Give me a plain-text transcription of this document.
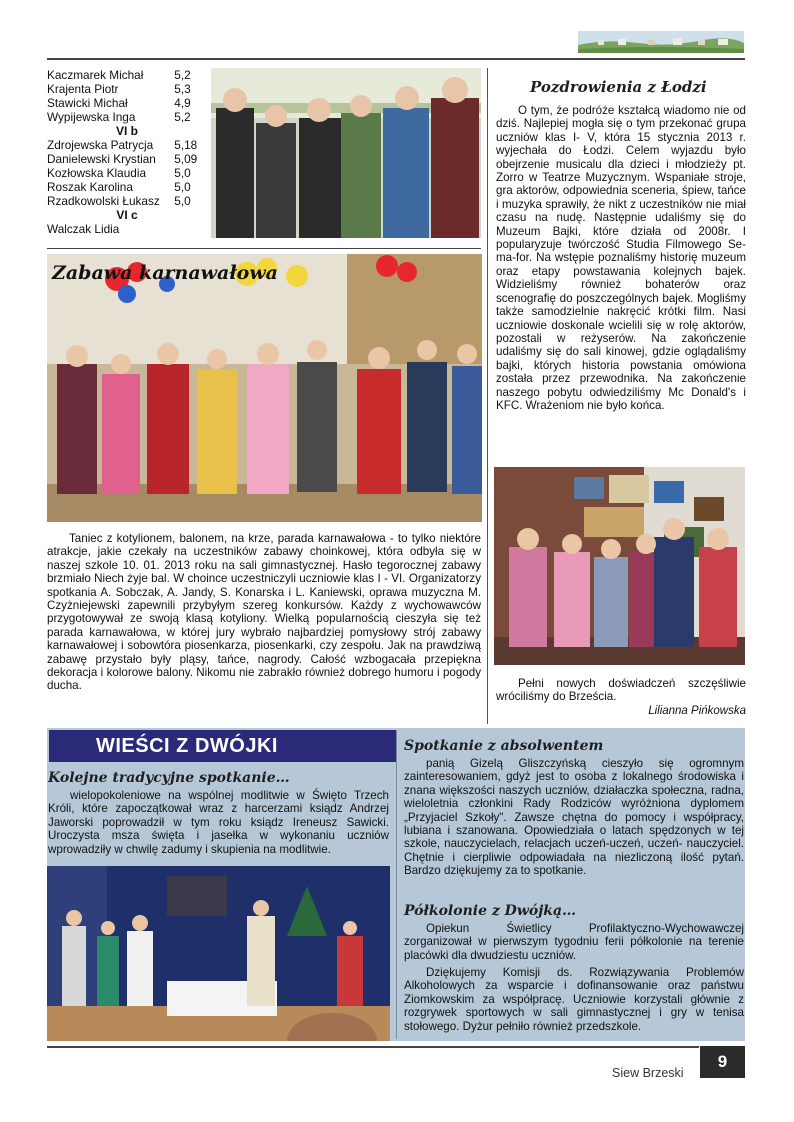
Kaczmarek Michał	5,2
Krajenta Piotr	5,3
Stawicki Michał	4,9
Wypijewska Inga	5,2
VI b
Zdrojewska Patrycja	5,18
Danielewski Krystian	5,09
Kozłowska Klaudia	5,0
Roszak Karolina	5,0
Rzadkowolski Łukasz	5,0
VI c
Walczak Lidia
Zabawa karnawałowa

Taniec z kotylionem, balonem, na krze, parada karnawałowa - to tylko niektóre atrakcje, jakie czekały na uczestników zabawy choinkowej, która odbyła się w naszej szkole 10. 01. 2013 roku na sali gimnastycznej. Hasło tegorocznej zabawy brzmiało Niech żyje bal. W choince uczestniczyli uczniowie klas I - VI. Organizatorzy spotkania A. Sobczak, A. Jandy, S. Konarska i L. Kaniewski, oprawa muzyczna M. Czyżniejewski zapewnili przybyłym szereg konkursów. Każdy z wychowawców przygotowywał ze swoją klasą kotyliony. Wielką popularnością cieszyła się też parada karnawałowa, w której jury wybrało najbardziej pomysłowy strój zabawy karnawałowej i sobowtóra piosenkarza, piosenkarki, czy zespołu. Jak na prawdziwą zabawę przystało były pląsy, tańce, nagrody. Całość wzbogacała przepiękna dekoracja i kolorowe balony. Nikomu nie zabrakło również dobrego humoru i pogody ducha.

Pozdrowienia z Łodzi

O tym, że podróże kształcą wiadomo nie od dziś. Najlepiej mogła się o tym przekonać grupa uczniów klas I- V, która 15 stycznia 2013 r. wyjechała do Łodzi. Celem wyjazdu było obejrzenie musicalu dla dzieci i młodzieży pt. Zorro w Teatrze Muzycznym. Wspaniałe stroje, gra aktorów, odpowiednia sceneria, śpiew, tańce i muzyka sprawiły, że nikt z uczestników nie miał czasu na nudę. Następnie udaliśmy się do Muzeum Bajki, które działa od 2008r. I popularyzuje twórczość Studia Filmowego Se-ma-for. Na wstępie poznaliśmy historię muzeum oraz etapy powstawania kolejnych bajek. Widzieliśmy również bohaterów oraz scenografię do poszczególnych bajek. Mogliśmy także samodzielnie nakręcić krótki film. Nasi uczniowie doskonale wcielili się w rolę aktorów, pozostali w reżyserów. Na zakończenie udaliśmy się do sali kinowej, gdzie oglądaliśmy bajki, których historia powstania omówiona została przez przewodnika. Na zakończenie naszego pobytu odwiedziliśmy Mc Donald's i KFC. Wrażeniom nie było końca.

Pełni nowych doświadczeń szczęśliwie wróciliśmy do Brześcia.

Lilianna Pińkowska
WIEŚCI Z DWÓJKI
Kolejne tradycyjne spotkanie…

wielopokoleniowe na wspólnej modlitwie w Święto Trzech Króli, które zapoczątkował wraz z harcerzami ksiądz Andrzej Jaworski poprowadził w tym roku ksiądz Ireneusz Sawicki. Uroczysta msza święta i jasełka w wykonaniu uczniów wprowadziły w chwilę zadumy i skupienia na modlitwie.

Spotkanie z absolwentem

panią Gizelą Gliszczyńską cieszyło się ogromnym zainteresowaniem, gdyż jest to osoba z lokalnego środowiska i znana większości naszych uczniów, działaczka społeczna, radna, wieloletnia członkini Rady Rodziców wyróżniona dyplomem „Przyjaciel Szkoły". Zawsze chętna do pomocy i współpracy, lubiana i szanowana. Opowiedziała o latach spędzonych w tej szkole, nauczycielach, relacjach uczeń-uczeń, uczeń- nauczyciel. Chętnie i cierpliwie odpowiadała na niezliczoną ilość pytań. Bardzo dziękujemy za to spotkanie.

Półkolonie z Dwójką…

Opiekun Świetlicy Profilaktyczno-Wychowawczej zorganizował w pierwszym tygodniu ferii półkolonie na terenie placówki dla dwudziestu uczniów.

Dziękujemy Komisji ds. Rozwiązywania Problemów Alkoholowych za wsparcie i dofinansowanie oraz państwu Ziomkowskim za współpracę. Uczniowie korzystali głównie z rozgrywek sportowych w sali gimnastycznej i gry w tenisa stołowego. Dyżur pełniło również przedszkole.

Siew Brzeski
9
